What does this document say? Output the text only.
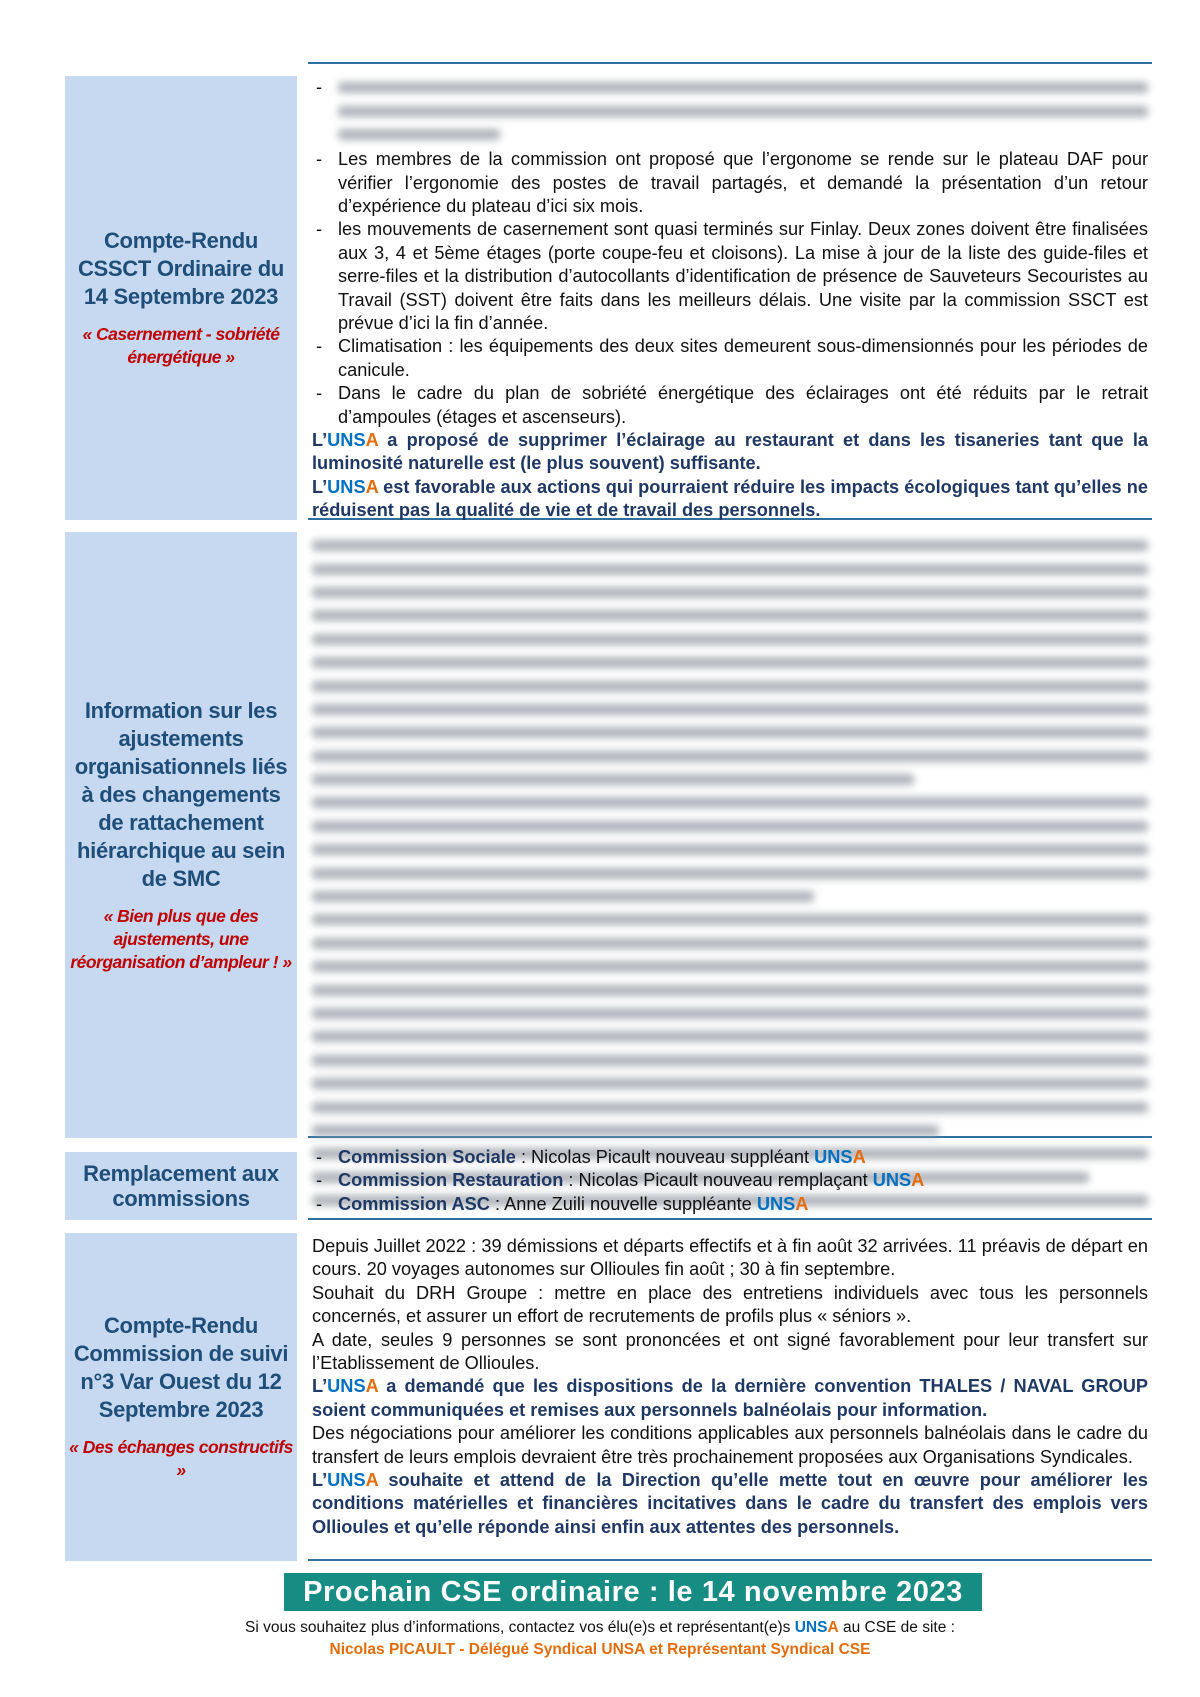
Compte-Rendu CSSCT Ordinaire du 14 Septembre 2023
« Casernement - sobriété énergétique »
-
- Les membres de la commission ont proposé que l’ergonome se rende sur le plateau DAF pour vérifier l’ergonomie des postes de travail partagés, et demandé la présentation d’un retour d’expérience du plateau d’ici six mois.
- les mouvements de casernement sont quasi terminés sur Finlay. Deux zones doivent être finalisées aux 3, 4 et 5ème étages (porte coupe-feu et cloisons). La mise à jour de la liste des guide-files et serre-files et la distribution d’autocollants d’identification de présence de Sauveteurs Secouristes au Travail (SST) doivent être faits dans les meilleurs délais. Une visite par la commission SSCT est prévue d’ici la fin d’année.
- Climatisation : les équipements des deux sites demeurent sous-dimensionnés pour les périodes de canicule.
- Dans le cadre du plan de sobriété énergétique des éclairages ont été réduits par le retrait d’ampoules (étages et ascenseurs).
L’UNSA a proposé de supprimer l’éclairage au restaurant et dans les tisaneries tant que la luminosité naturelle est (le plus souvent) suffisante.
L’UNSA est favorable aux actions qui pourraient réduire les impacts écologiques tant qu’elles ne réduisent pas la qualité de vie et de travail des personnels.
Information sur les ajustements organisationnels liés à des changements de rattachement hiérarchique au sein de SMC
« Bien plus que des ajustements, une réorganisation d’ampleur ! »
Remplacement aux commissions
- Commission Sociale : Nicolas Picault nouveau suppléant UNSA
- Commission Restauration : Nicolas Picault nouveau remplaçant UNSA
- Commission ASC : Anne Zuili nouvelle suppléante UNSA
Compte-Rendu Commission de suivi n°3 Var Ouest du 12 Septembre 2023
« Des échanges constructifs »
Depuis Juillet 2022 : 39 démissions et départs effectifs et à fin août 32 arrivées. 11 préavis de départ en cours. 20 voyages autonomes sur Ollioules fin août ; 30 à fin septembre.
Souhait du DRH Groupe : mettre en place des entretiens individuels avec tous les personnels concernés, et assurer un effort de recrutements de profils plus « séniors ».
A date, seules 9 personnes se sont prononcées et ont signé favorablement pour leur transfert sur l’Etablissement de Ollioules.
L’UNSA a demandé que les dispositions de la dernière convention THALES / NAVAL GROUP soient communiquées et remises aux personnels balnéolais pour information.
Des négociations pour améliorer les conditions applicables aux personnels balnéolais dans le cadre du transfert de leurs emplois devraient être très prochainement proposées aux Organisations Syndicales.
L’UNSA souhaite et attend de la Direction qu’elle mette tout en œuvre pour améliorer les conditions matérielles et financières incitatives dans le cadre du transfert des emplois vers Ollioules et qu’elle réponde ainsi enfin aux attentes des personnels.
Prochain CSE ordinaire : le 14 novembre 2023
Si vous souhaitez plus d’informations, contactez vos élu(e)s et représentant(e)s UNSA au CSE de site :
Nicolas PICAULT - Délégué Syndical UNSA et Représentant Syndical CSE
